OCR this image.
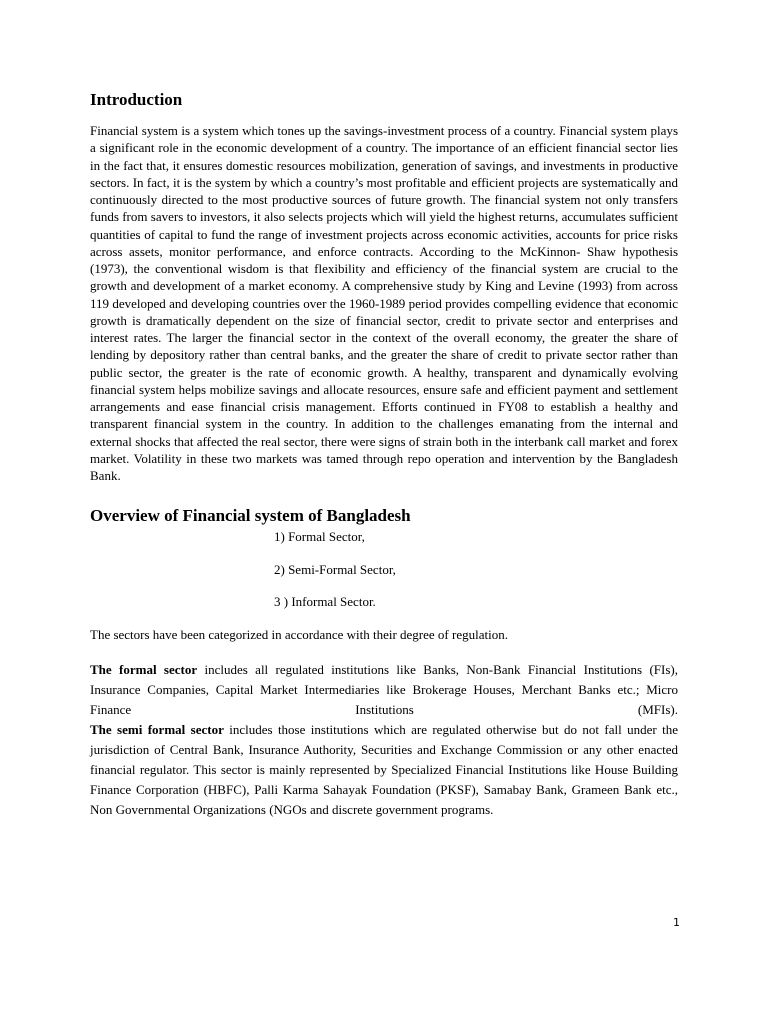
Introduction

Financial system is a system which tones up the savings-investment process of a country. Financial system plays a significant role in the economic development of a country. The importance of an efficient financial sector lies in the fact that, it ensures domestic resources mobilization, generation of savings, and investments in productive sectors. In fact, it is the system by which a country’s most profitable and efficient projects are systematically and continuously directed to the most productive sources of future growth. The financial system not only transfers funds from savers to investors, it also selects projects which will yield the highest returns, accumulates sufficient quantities of capital to fund the range of investment projects across economic activities, accounts for price risks across assets, monitor performance, and enforce contracts. According to the McKinnon- Shaw hypothesis (1973), the conventional wisdom is that flexibility and efficiency of the financial system are crucial to the growth and development of a market economy. A comprehensive study by King and Levine (1993) from across 119 developed and developing countries over the 1960-1989 period provides compelling evidence that economic growth is dramatically dependent on the size of financial sector, credit to private sector and enterprises and interest rates. The larger the financial sector in the context of the overall economy, the greater the share of lending by depository rather than central banks, and the greater the share of credit to private sector rather than public sector, the greater is the rate of economic growth. A healthy, transparent and dynamically evolving financial system helps mobilize savings and allocate resources, ensure safe and efficient payment and settlement arrangements and ease financial crisis management. Efforts continued in FY08 to establish a healthy and transparent financial system in the country. In addition to the challenges emanating from the internal and external shocks that affected the real sector, there were signs of strain both in the interbank call market and forex market. Volatility in these two markets was tamed through repo operation and intervention by the Bangladesh Bank.

Overview of Financial system of Bangladesh
1) Formal Sector,
2) Semi-Formal Sector,
3 ) Informal Sector.

The sectors have been categorized in accordance with their degree of regulation.

The formal sector includes all regulated institutions like Banks, Non-Bank Financial Institutions (FIs), Insurance Companies, Capital Market Intermediaries like Brokerage Houses, Merchant Banks etc.; Micro Finance Institutions (MFIs).

The semi formal sector includes those institutions which are regulated otherwise but do not fall under the jurisdiction of Central Bank, Insurance Authority, Securities and Exchange Commission or any other enacted financial regulator. This sector is mainly represented by Specialized Financial Institutions like House Building Finance Corporation (HBFC), Palli Karma Sahayak Foundation (PKSF), Samabay Bank, Grameen Bank etc., Non Governmental Organizations (NGOs and discrete government programs.

1
